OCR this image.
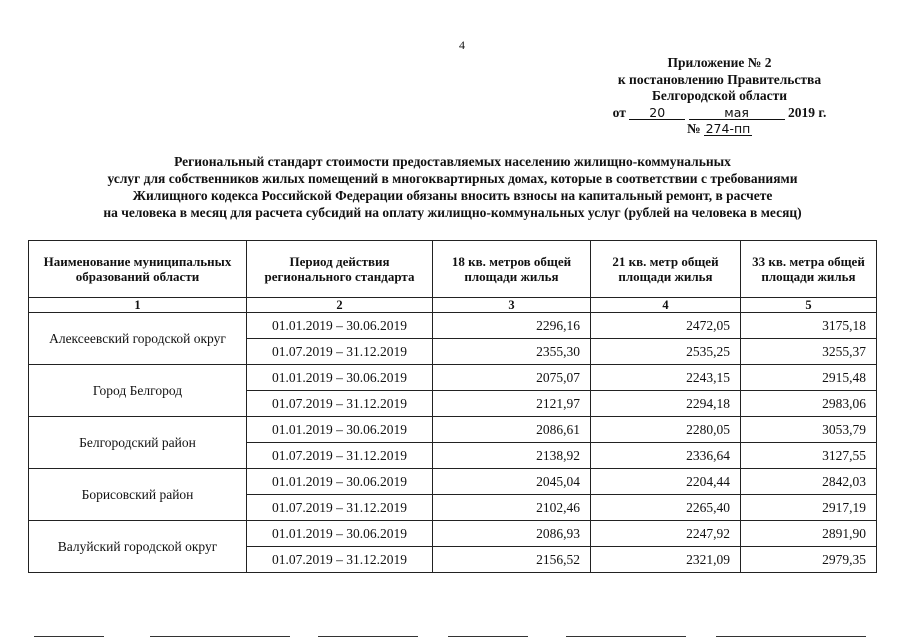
4
Приложение № 2
к постановлению Правительства
Белгородской области
от 20	мая	2019 г.
№ 274-пп
Региональный стандарт стоимости предоставляемых населению жилищно-коммунальных
услуг для собственников жилых помещений в многоквартирных домах, которые в соответствии с требованиями
Жилищного кодекса Российской Федерации обязаны вносить взносы на капитальный ремонт, в расчете
на человека в месяц для расчета субсидий на оплату жилищно-коммунальных услуг (рублей на человека в месяц)
Наименование муниципальных образований области	Период действия регионального стандарта	18 кв. метров общей площади жилья	21 кв. метр общей площади жилья	33 кв. метра общей площади жилья
1	2	3	4	5
Алексеевский городской округ	01.01.2019 – 30.06.2019	2296,16	2472,05	3175,18
	01.07.2019 – 31.12.2019	2355,30	2535,25	3255,37
Город Белгород	01.01.2019 – 30.06.2019	2075,07	2243,15	2915,48
	01.07.2019 – 31.12.2019	2121,97	2294,18	2983,06
Белгородский район	01.01.2019 – 30.06.2019	2086,61	2280,05	3053,79
	01.07.2019 – 31.12.2019	2138,92	2336,64	3127,55
Борисовский район	01.01.2019 – 30.06.2019	2045,04	2204,44	2842,03
	01.07.2019 – 31.12.2019	2102,46	2265,40	2917,19
Валуйский городской округ	01.01.2019 – 30.06.2019	2086,93	2247,92	2891,90
	01.07.2019 – 31.12.2019	2156,52	2321,09	2979,35
